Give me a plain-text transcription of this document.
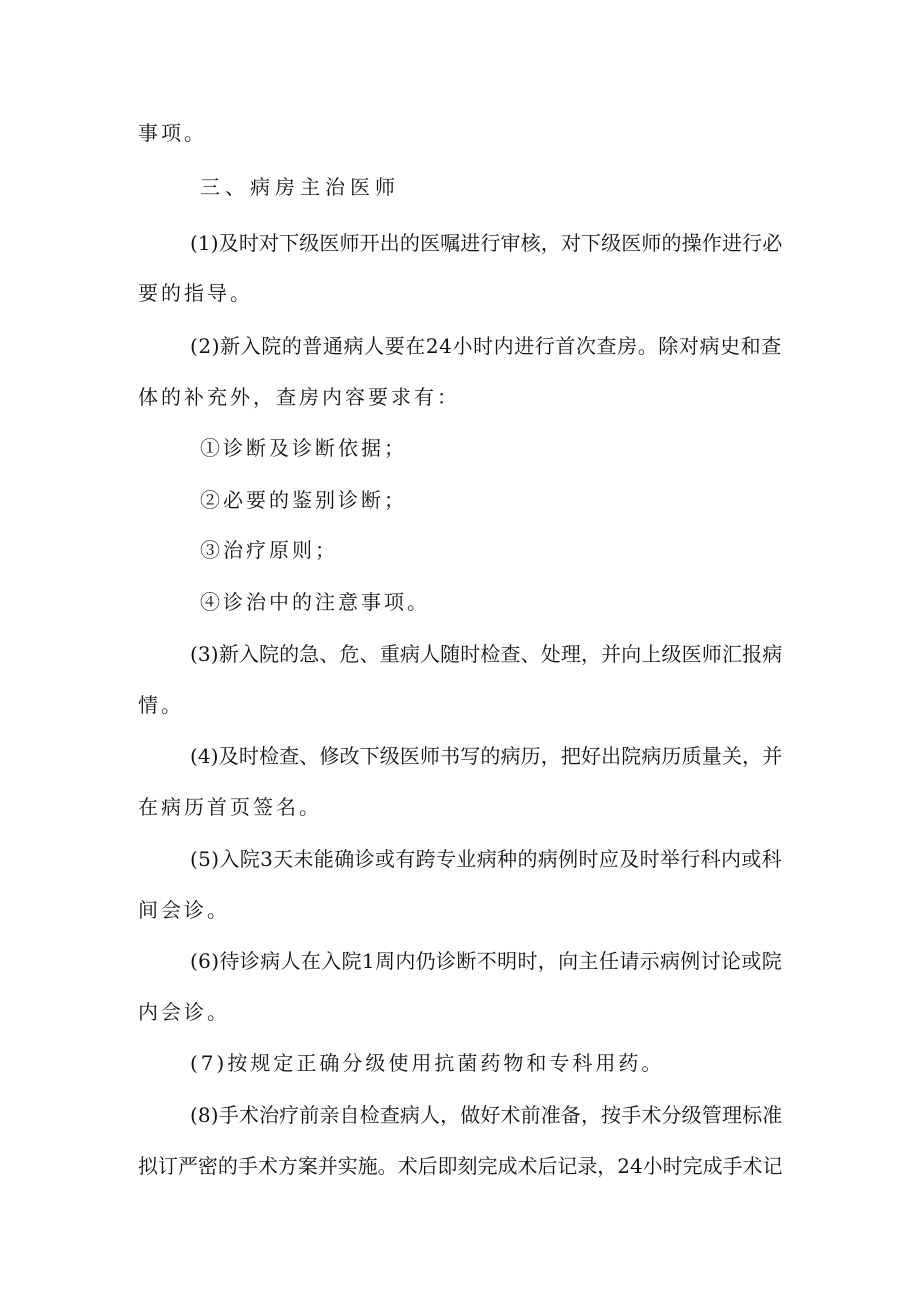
事项。
三、病房主治医师
(1)及时对下级医师开出的医嘱进行审核，对下级医师的操作进行必
要的指导。
(2)新入院的普通病人要在24小时内进行首次查房。除对病史和查
体的补充外，查房内容要求有：
①诊断及诊断依据；
②必要的鉴别诊断；
③治疗原则；
④诊治中的注意事项。
(3)新入院的急、危、重病人随时检查、处理，并向上级医师汇报病
情。
(4)及时检查、修改下级医师书写的病历，把好出院病历质量关，并
在病历首页签名。
(5)入院3天未能确诊或有跨专业病种的病例时应及时举行科内或科
间会诊。
(6)待诊病人在入院1周内仍诊断不明时，向主任请示病例讨论或院
内会诊。
(7)按规定正确分级使用抗菌药物和专科用药。
(8)手术治疗前亲自检查病人，做好术前准备，按手术分级管理标准
拟订严密的手术方案并实施。术后即刻完成术后记录，24小时完成手术记
